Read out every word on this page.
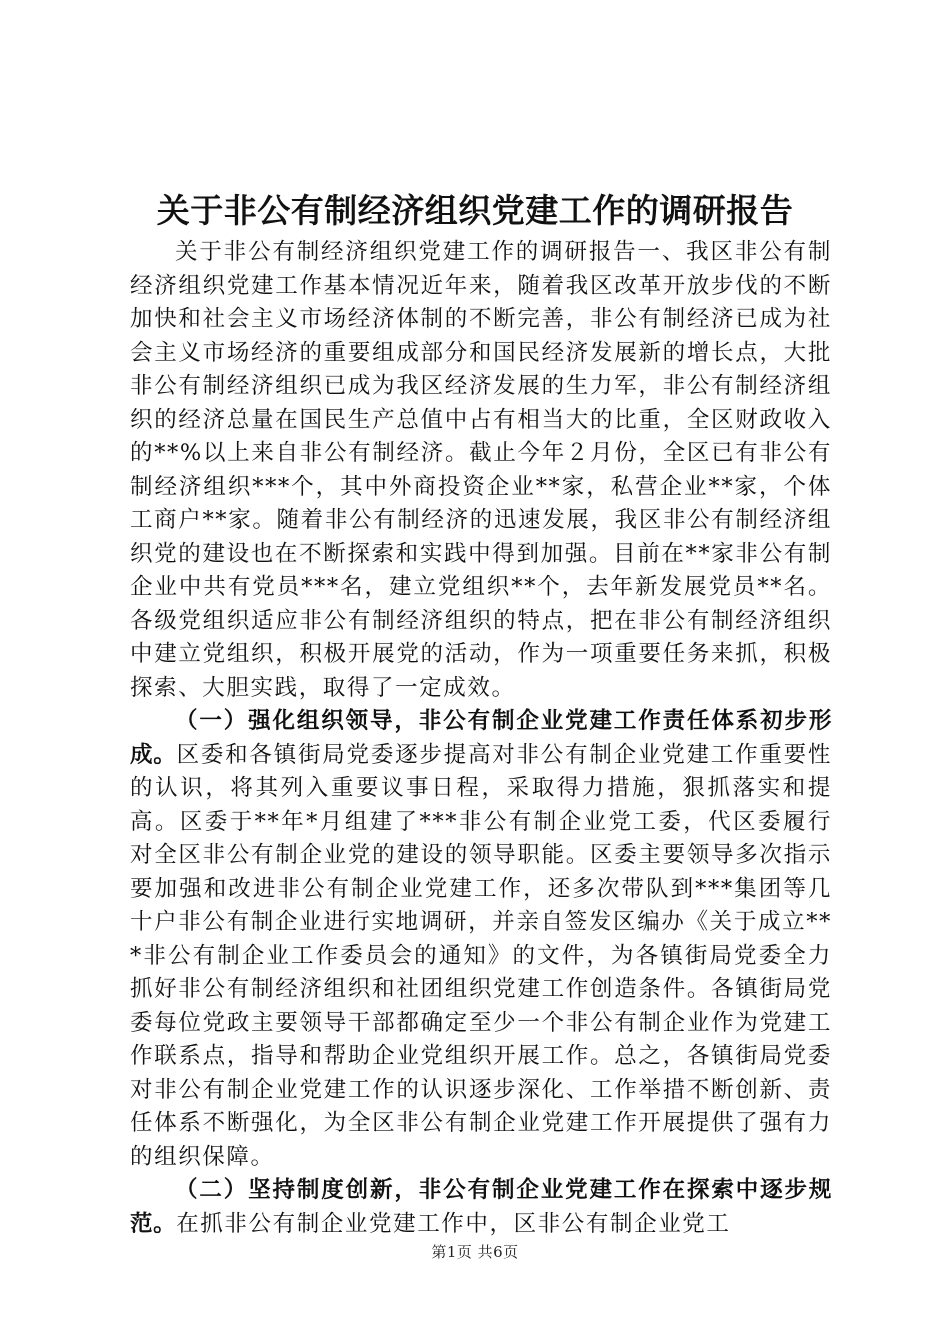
关于非公有制经济组织党建工作的调研报告

关于非公有制经济组织党建工作的调研报告一、我区非公有制经济组织党建工作基本情况近年来，随着我区改革开放步伐的不断加快和社会主义市场经济体制的不断完善，非公有制经济已成为社会主义市场经济的重要组成部分和国民经济发展新的增长点，大批非公有制经济组织已成为我区经济发展的生力军，非公有制经济组织的经济总量在国民生产总值中占有相当大的比重，全区财政收入的**%以上来自非公有制经济。截止今年２月份，全区已有非公有制经济组织***个，其中外商投资企业**家，私营企业**家，个体工商户**家。随着非公有制经济的迅速发展，我区非公有制经济组织党的建设也在不断探索和实践中得到加强。目前在**家非公有制企业中共有党员***名，建立党组织**个，去年新发展党员**名。各级党组织适应非公有制经济组织的特点，把在非公有制经济组织中建立党组织，积极开展党的活动，作为一项重要任务来抓，积极探索、大胆实践，取得了一定成效。

（一）强化组织领导，非公有制企业党建工作责任体系初步形成。区委和各镇街局党委逐步提高对非公有制企业党建工作重要性的认识，将其列入重要议事日程，采取得力措施，狠抓落实和提高。区委于**年*月组建了***非公有制企业党工委，代区委履行对全区非公有制企业党的建设的领导职能。区委主要领导多次指示要加强和改进非公有制企业党建工作，还多次带队到***集团等几十户非公有制企业进行实地调研，并亲自签发区编办《关于成立***非公有制企业工作委员会的通知》的文件，为各镇街局党委全力抓好非公有制经济组织和社团组织党建工作创造条件。各镇街局党委每位党政主要领导干部都确定至少一个非公有制企业作为党建工作联系点，指导和帮助企业党组织开展工作。总之，各镇街局党委对非公有制企业党建工作的认识逐步深化、工作举措不断创新、责任体系不断强化，为全区非公有制企业党建工作开展提供了强有力的组织保障。

（二）坚持制度创新，非公有制企业党建工作在探索中逐步规范。在抓非公有制企业党建工作中，区非公有制企业党工

第1页 共6页
